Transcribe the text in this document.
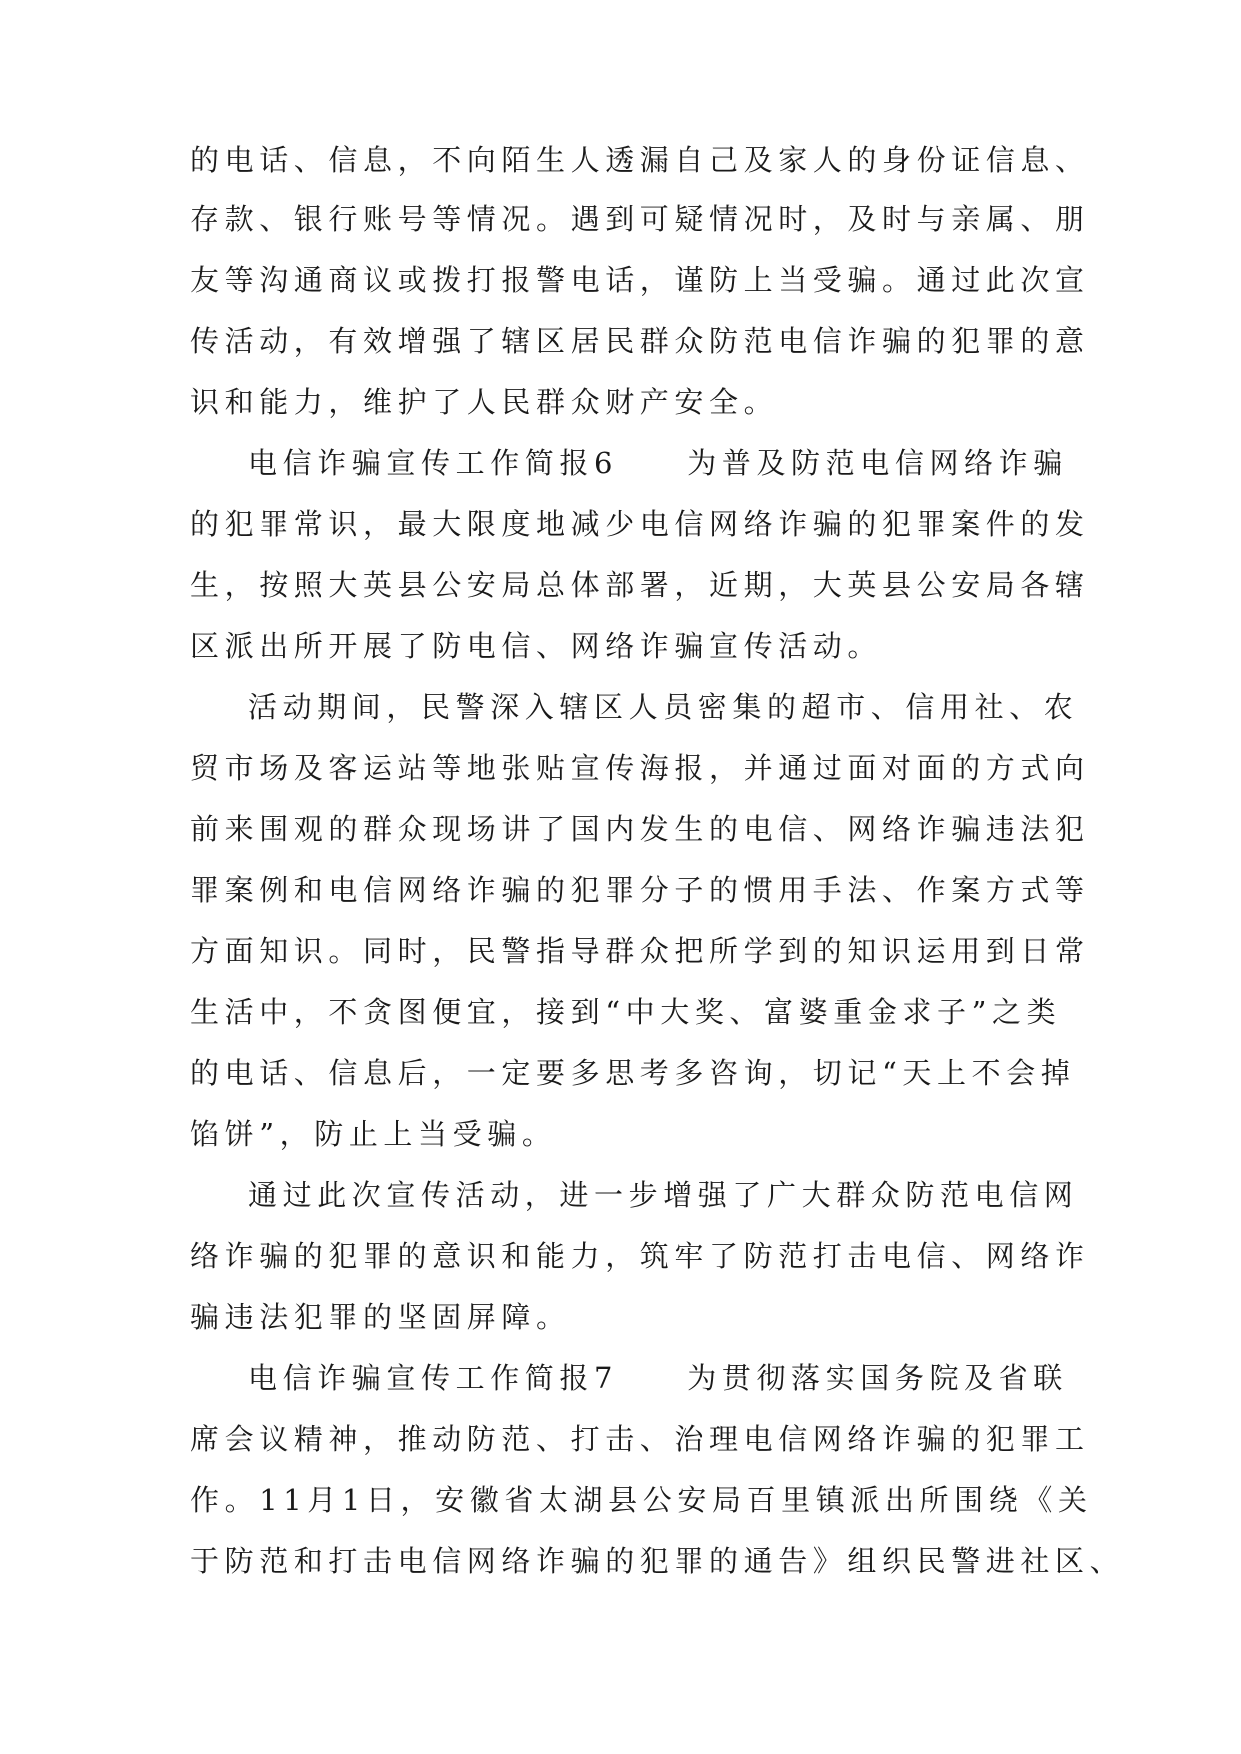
的电话、信息，不向陌生人透漏自己及家人的身份证信息、
存款、银行账号等情况。遇到可疑情况时，及时与亲属、朋
友等沟通商议或拨打报警电话，谨防上当受骗。通过此次宣
传活动，有效增强了辖区居民群众防范电信诈骗的犯罪的意
识和能力，维护了人民群众财产安全。
电信诈骗宣传工作简报6　　为普及防范电信网络诈骗
的犯罪常识，最大限度地减少电信网络诈骗的犯罪案件的发
生，按照大英县公安局总体部署，近期，大英县公安局各辖
区派出所开展了防电信、网络诈骗宣传活动。
活动期间，民警深入辖区人员密集的超市、信用社、农
贸市场及客运站等地张贴宣传海报，并通过面对面的方式向
前来围观的群众现场讲了国内发生的电信、网络诈骗违法犯
罪案例和电信网络诈骗的犯罪分子的惯用手法、作案方式等
方面知识。同时，民警指导群众把所学到的知识运用到日常
生活中，不贪图便宜，接到“中大奖、富婆重金求子”之类
的电话、信息后，一定要多思考多咨询，切记“天上不会掉
馅饼”，防止上当受骗。
通过此次宣传活动，进一步增强了广大群众防范电信网
络诈骗的犯罪的意识和能力，筑牢了防范打击电信、网络诈
骗违法犯罪的坚固屏障。
电信诈骗宣传工作简报7　　为贯彻落实国务院及省联
席会议精神，推动防范、打击、治理电信网络诈骗的犯罪工
作。11月1日，安徽省太湖县公安局百里镇派出所围绕《关
于防范和打击电信网络诈骗的犯罪的通告》组织民警进社区、
